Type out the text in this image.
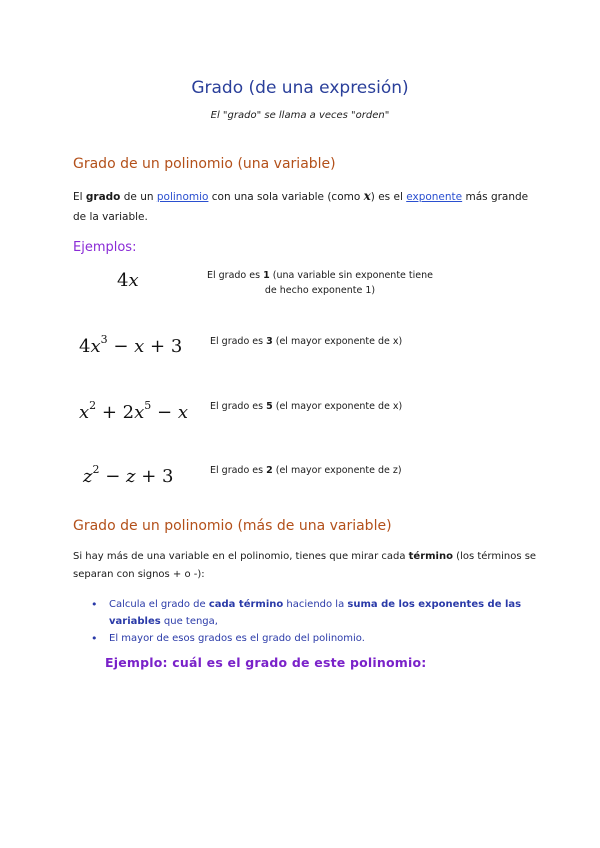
Grado (de una expresión)
El "grado" se llama a veces "orden"
Grado de un polinomio (una variable)
El grado de un polinomio con una sola variable (como x) es el exponente más grande de la variable.
Ejemplos:
4x	El grado es 1 (una variable sin exponente tiene
de hecho exponente 1)
$4x^3 - x + 3$	El grado es 3 (el mayor exponente de x)
$x^2 + 2x^5 - x$ El grado es 5 (el mayor exponente de x)
$z^2 - z + 3$	El grado es 2 (el mayor exponente de z)
Grado de un polinomio (más de una variable)
Si hay más de una variable en el polinomio, tienes que mirar cada término (los términos se separan con signos + o -):
• Calcula el grado de cada término haciendo la suma de los exponentes de las variables que tenga,
• El mayor de esos grados es el grado del polinomio.
Ejemplo: cuál es el grado de este polinomio:
